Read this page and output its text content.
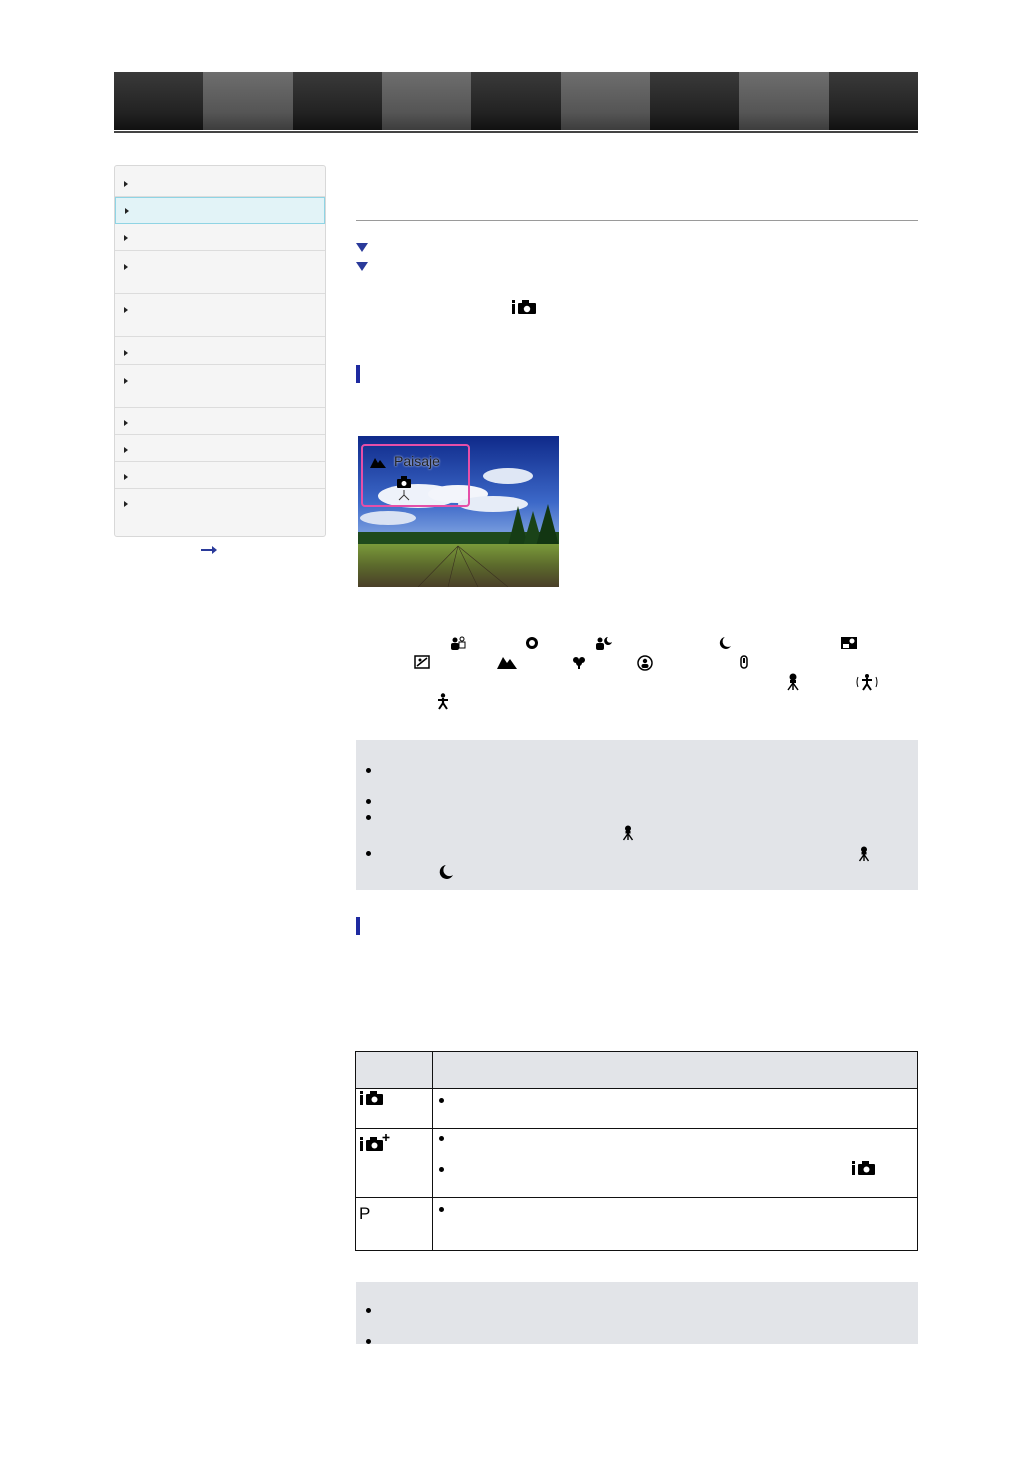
Paisaje
P
